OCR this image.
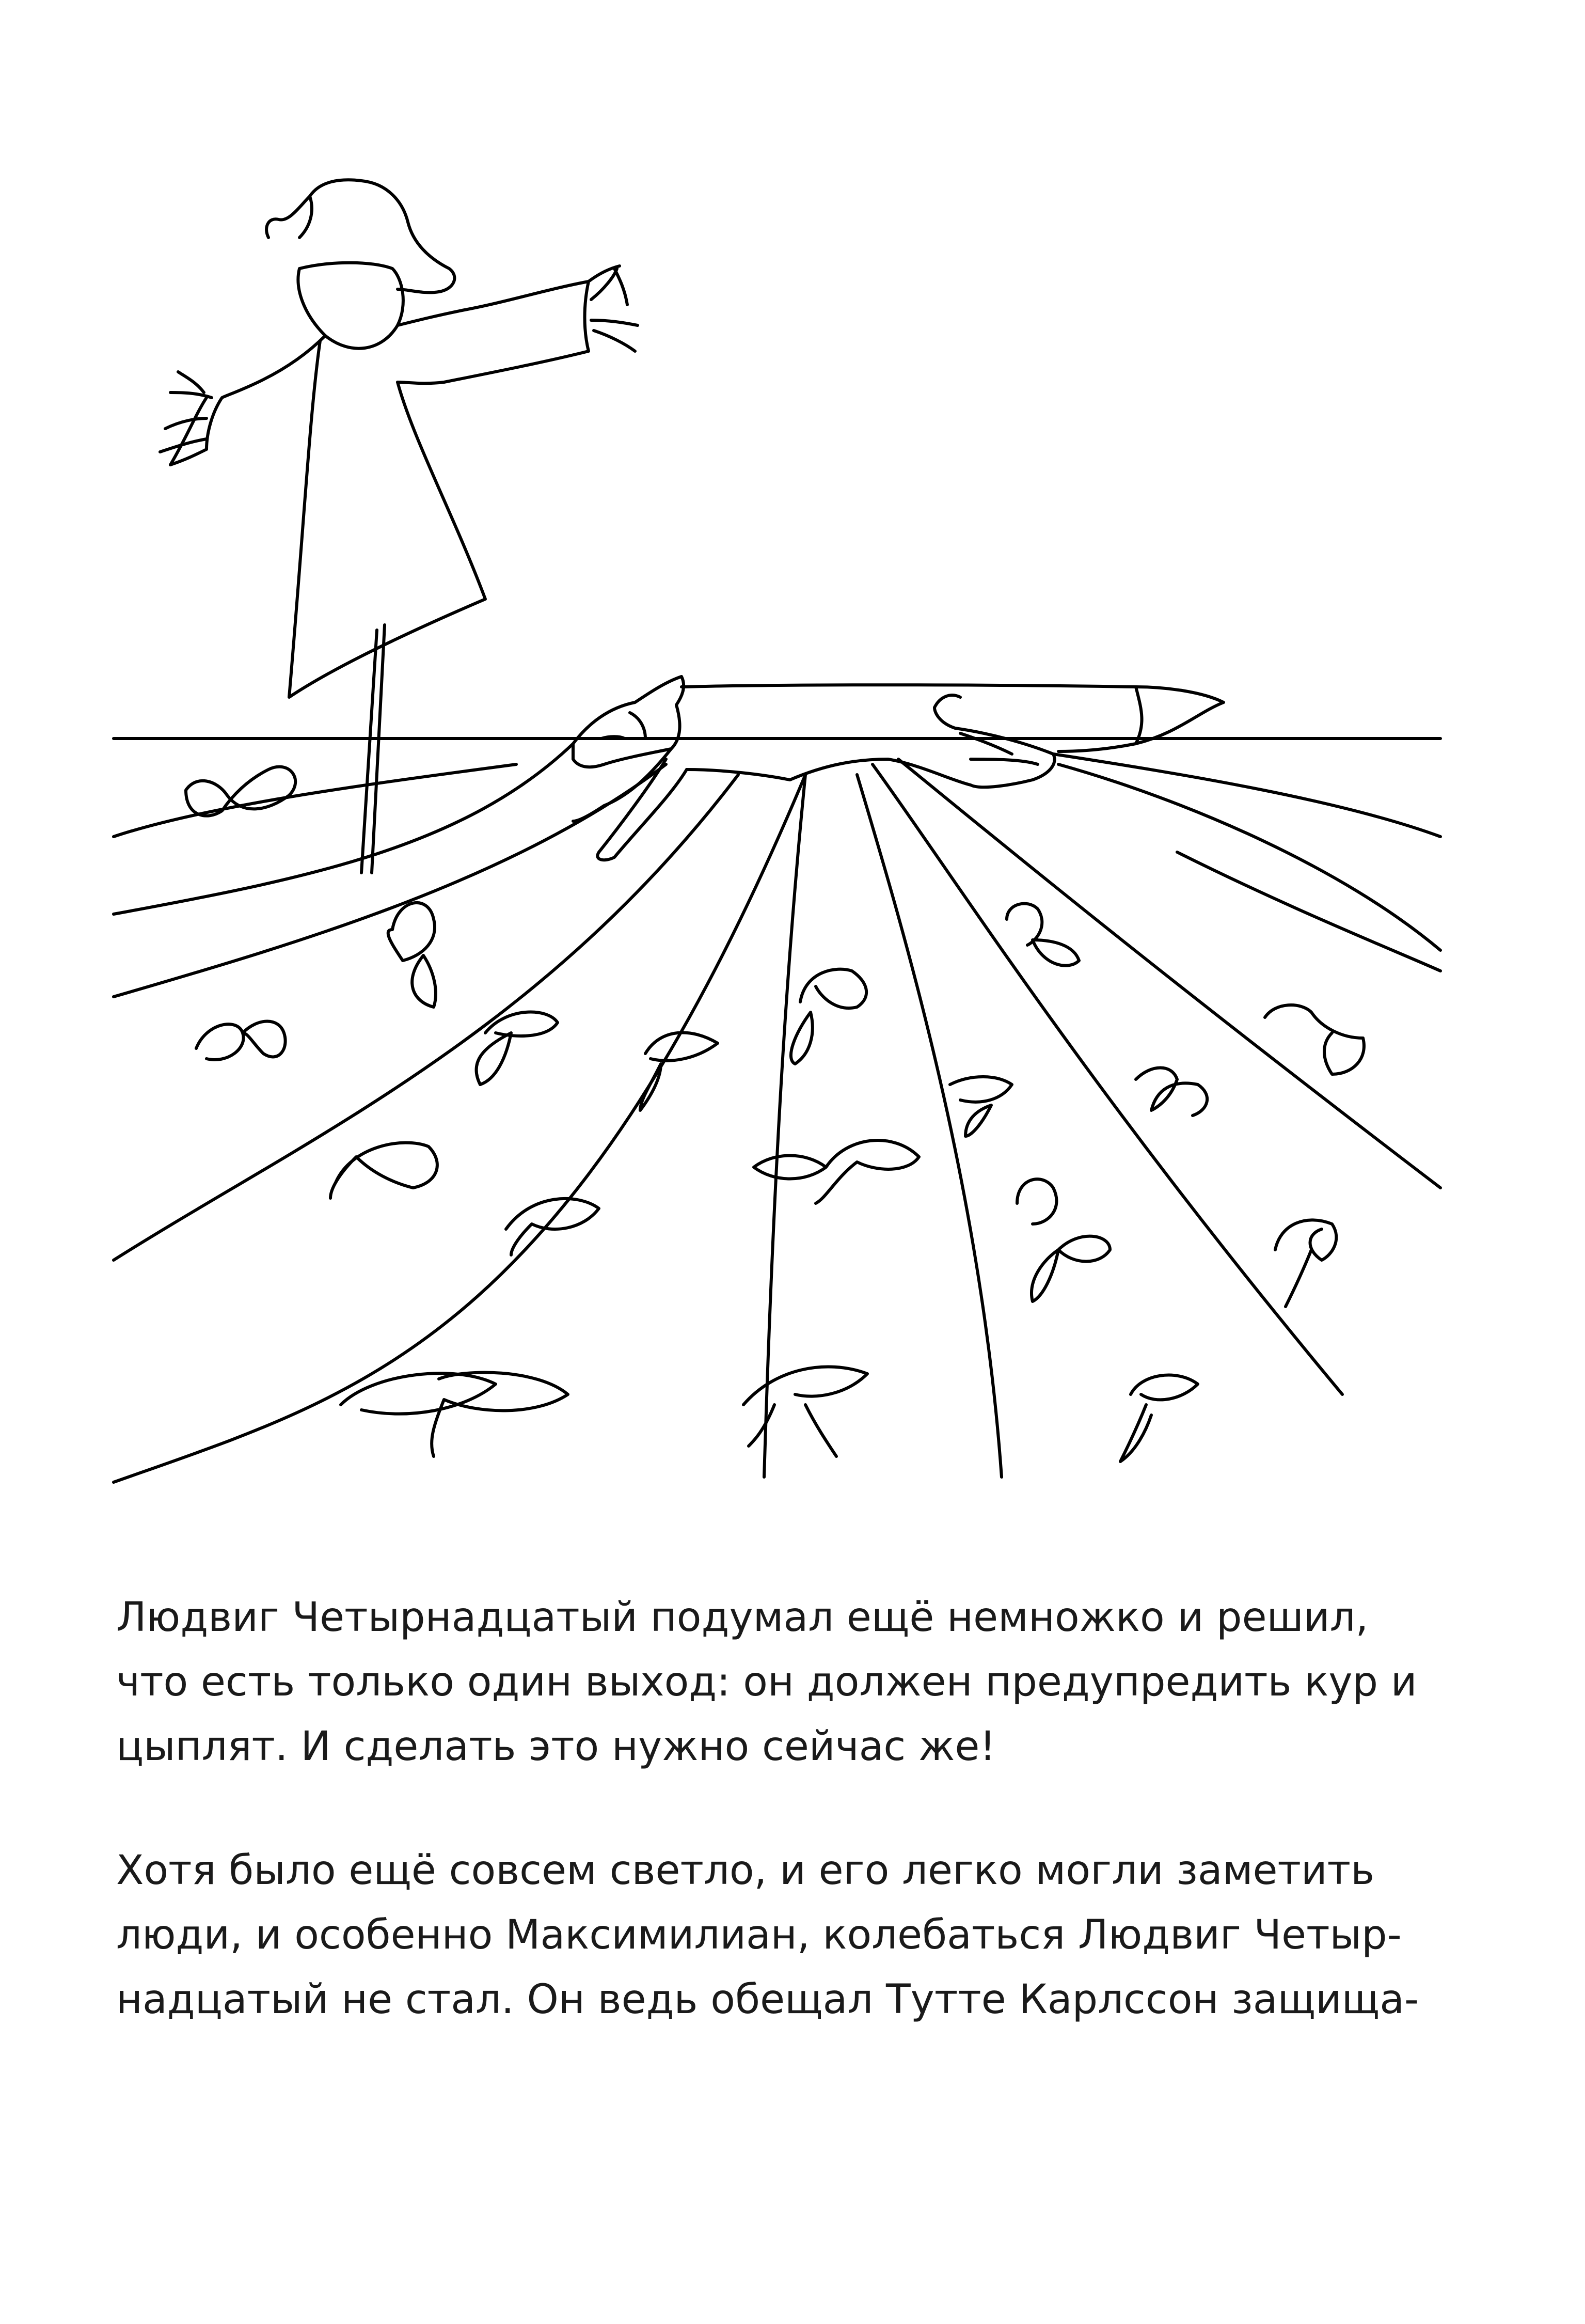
Людвиг Четырнадцатый подумал ещё немножко и решил,
что есть только один выход: он должен предупредить кур и
цыплят. И сделать это нужно сейчас же!

Хотя было ещё совсем светло, и его легко могли заметить
люди, и особенно Максимилиан, колебаться Людвиг Четыр-
надцатый не стал. Он ведь обещал Тутте Карлссон защища-
